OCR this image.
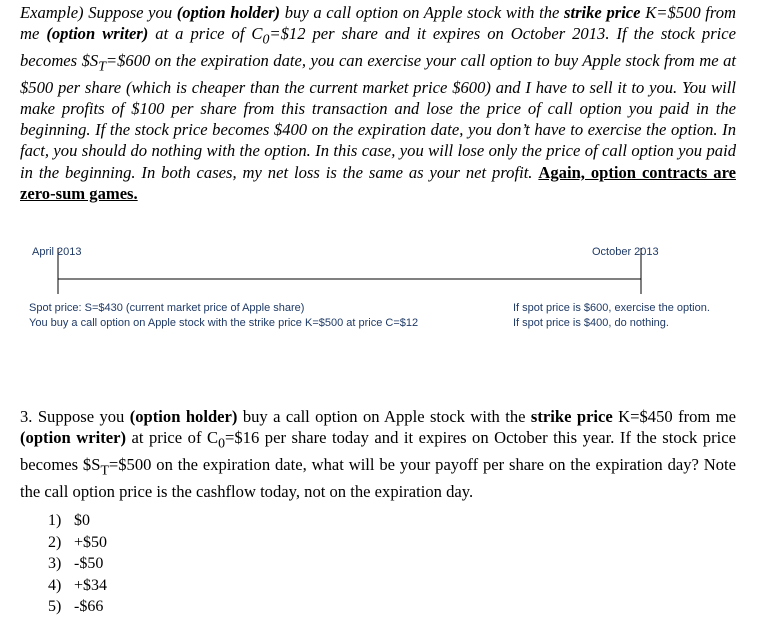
Example) Suppose you (option holder) buy a call option on Apple stock with the strike price K=$500 from me (option writer) at a price of $C_0=\$12$ per share and it expires on October 2013. If the stock price becomes $\$S_T=\$600$ on the expiration date, you can exercise your call option to buy Apple stock from me at $500 per share (which is cheaper than the current market price $600) and I have to sell it to you. You will make profits of $100 per share from this transaction and lose the price of call option you paid in the beginning. If the stock price becomes $400 on the expiration date, you don’t have to exercise the option. In fact, you should do nothing with the option. In this case, you will lose only the price of call option you paid in the beginning. In both cases, my net loss is the same as your net profit. Again, option contracts are zero-sum games.

April 2013	October 2013
Spot price: S=$430 (current market price of Apple share)
You buy a call option on Apple stock with the strike price K=$500 at price C=$12
If spot price is $600, exercise the option.
If spot price is $400, do nothing.

3. Suppose you (option holder) buy a call option on Apple stock with the strike price K=$450 from me (option writer) at price of $C_0=\$16$ per share today and it expires on October this year. If the stock price becomes $\$S_T=\$500$ on the expiration date, what will be your payoff per share on the expiration day? Note the call option price is the cashflow today, not on the expiration day.

1) $0
2) +$50
3) -$50
4) +$34
5) -$66
